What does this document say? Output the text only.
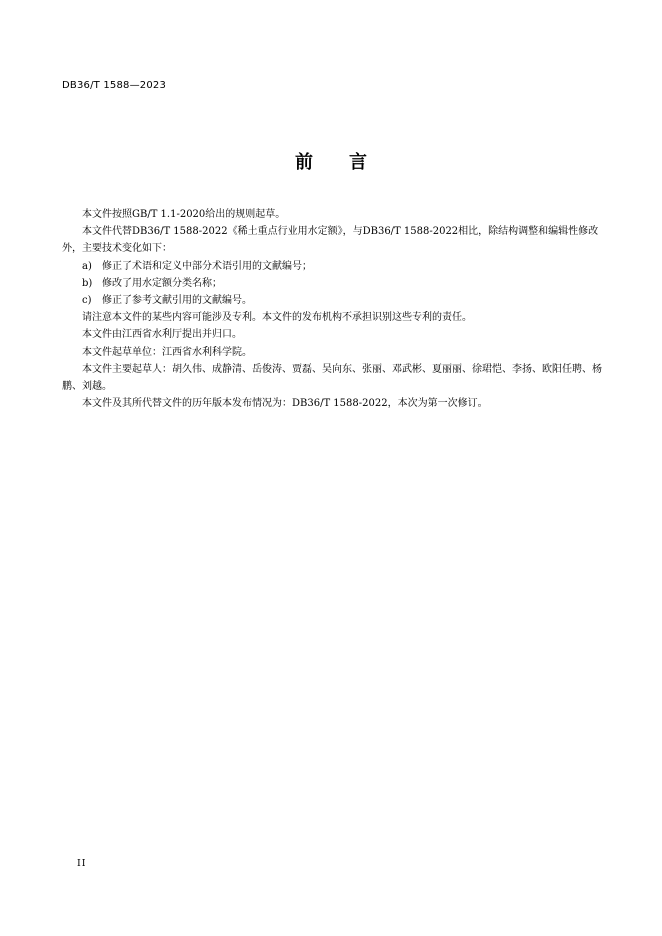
DB36/T 1588—2023
前 言

本文件按照GB/T 1.1-2020给出的规则起草。

本文件代替DB36/T 1588-2022《稀土重点行业用水定额》，与DB36/T 1588-2022相比，除结构调整和编辑性修改外，主要技术变化如下：

a) 修正了术语和定义中部分术语引用的文献编号；
b) 修改了用水定额分类名称；
c) 修正了参考文献引用的文献编号。

请注意本文件的某些内容可能涉及专利。本文件的发布机构不承担识别这些专利的责任。

本文件由江西省水利厅提出并归口。

本文件起草单位：江西省水利科学院。

本文件主要起草人：胡久伟、成静清、岳俊涛、贾磊、吴向东、张丽、邓武彬、夏丽丽、徐珺恺、李扬、欧阳任聘、杨鹏、刘越。

本文件及其所代替文件的历年版本发布情况为：DB36/T 1588-2022，本次为第一次修订。

II
